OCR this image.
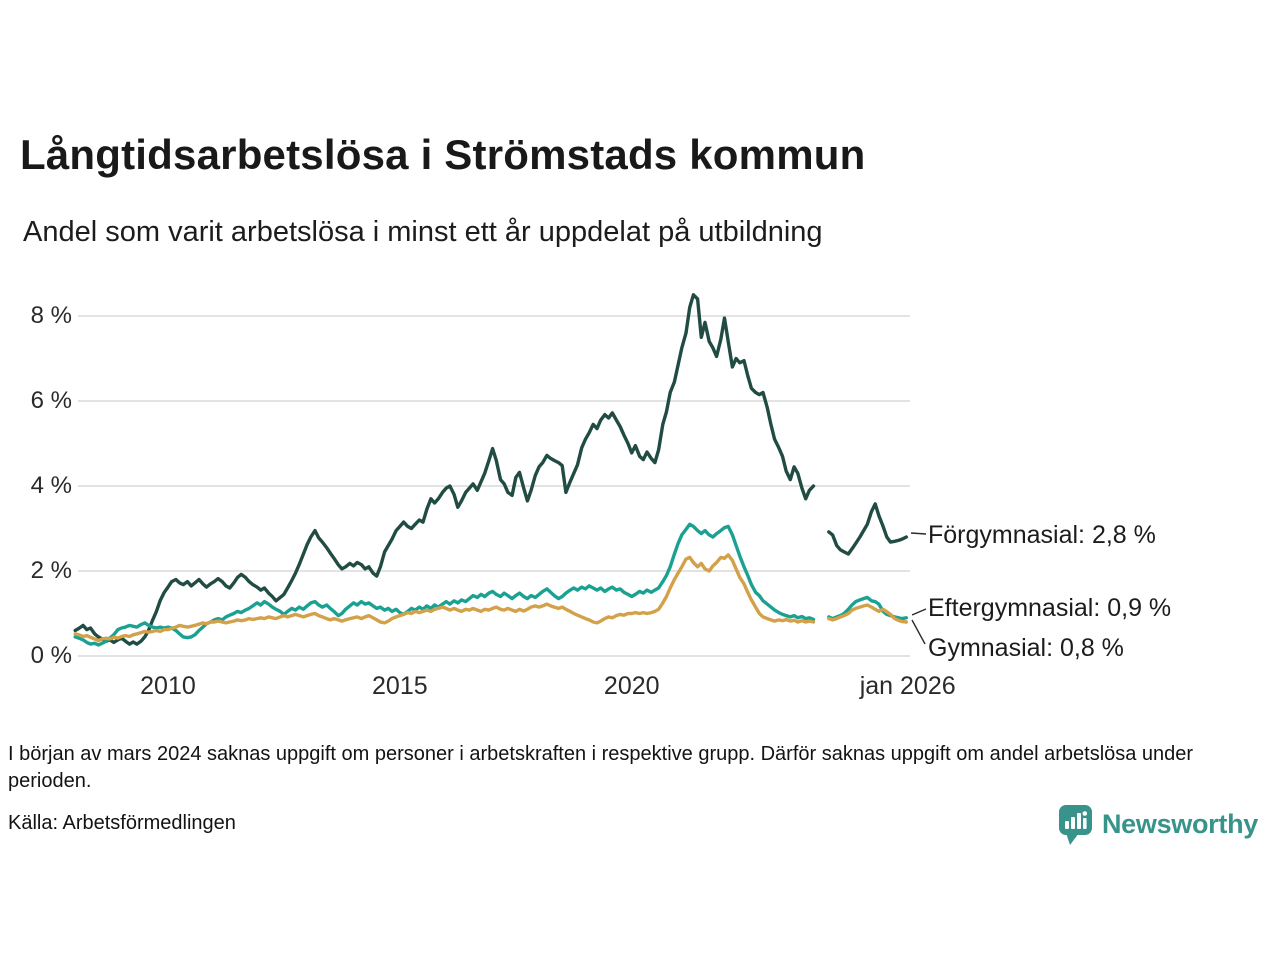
Långtidsarbetslösa i Strömstads kommun
Andel som varit arbetslösa i minst ett år uppdelat på utbildning
8 %
6 %
4 %
2 %
0 %
2010	2015	2020	jan 2026
Förgymnasial: 2,8 %
Eftergymnasial: 0,9 %
Gymnasial: 0,8 %
I början av mars 2024 saknas uppgift om personer i arbetskraften i respektive grupp. Därför saknas uppgift om andel arbetslösa under perioden.
Källa: Arbetsförmedlingen	Newsworthy
